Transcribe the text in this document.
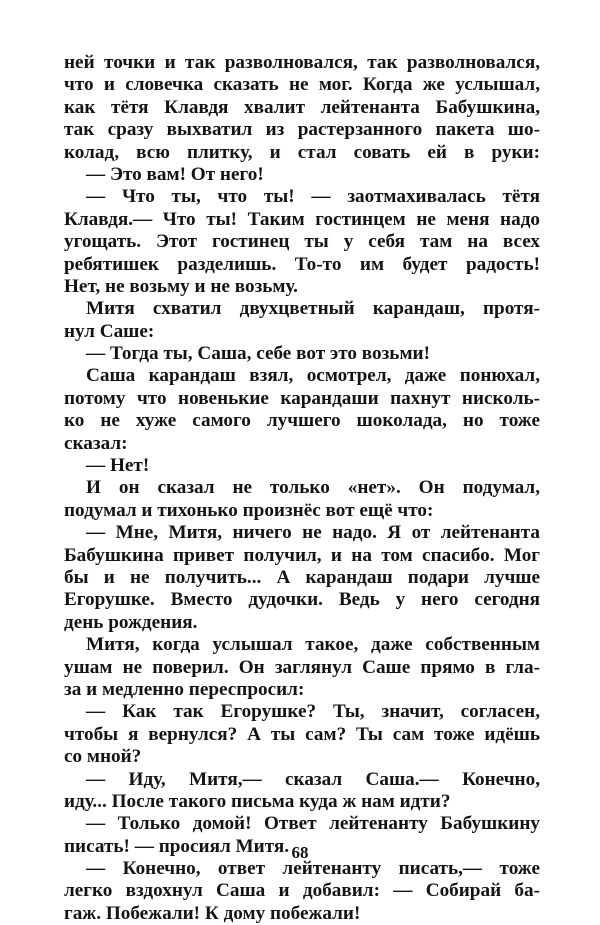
ней точки и так разволновался, так разволновался,
что и словечка сказать не мог. Когда же услышал,
как тётя Клавдя хвалит лейтенанта Бабушкина,
так сразу выхватил из растерзанного пакета шо-
колад, всю плитку, и стал совать ей в руки:
— Это вам! От него!
— Что ты, что ты! — заотмахивалась тётя
Клавдя.— Что ты! Таким гостинцем не меня надо
угощать. Этот гостинец ты у себя там на всех
ребятишек разделишь. То-то им будет радость!
Нет, не возьму и не возьму.
Митя схватил двухцветный карандаш, протя-
нул Саше:
— Тогда ты, Саша, себе вот это возьми!
Саша карандаш взял, осмотрел, даже понюхал,
потому что новенькие карандаши пахнут нисколь-
ко не хуже самого лучшего шоколада, но тоже
сказал:
— Нет!
И он сказал не только «нет». Он подумал,
подумал и тихонько произнёс вот ещё что:
— Мне, Митя, ничего не надо. Я от лейтенанта
Бабушкина привет получил, и на том спасибо. Мог
бы и не получить... А карандаш подари лучше
Егорушке. Вместо дудочки. Ведь у него сегодня
день рождения.
Митя, когда услышал такое, даже собственным
ушам не поверил. Он заглянул Саше прямо в гла-
за и медленно переспросил:
— Как так Егорушке? Ты, значит, согласен,
чтобы я вернулся? А ты сам? Ты сам тоже идёшь
со мной?
— Иду, Митя,— сказал Саша.— Конечно,
иду... После такого письма куда ж нам идти?
— Только домой! Ответ лейтенанту Бабушкину
писать! — просиял Митя.
— Конечно, ответ лейтенанту писать,— тоже
легко вздохнул Саша и добавил: — Собирай ба-
гаж. Побежали! К дому побежали!
68
